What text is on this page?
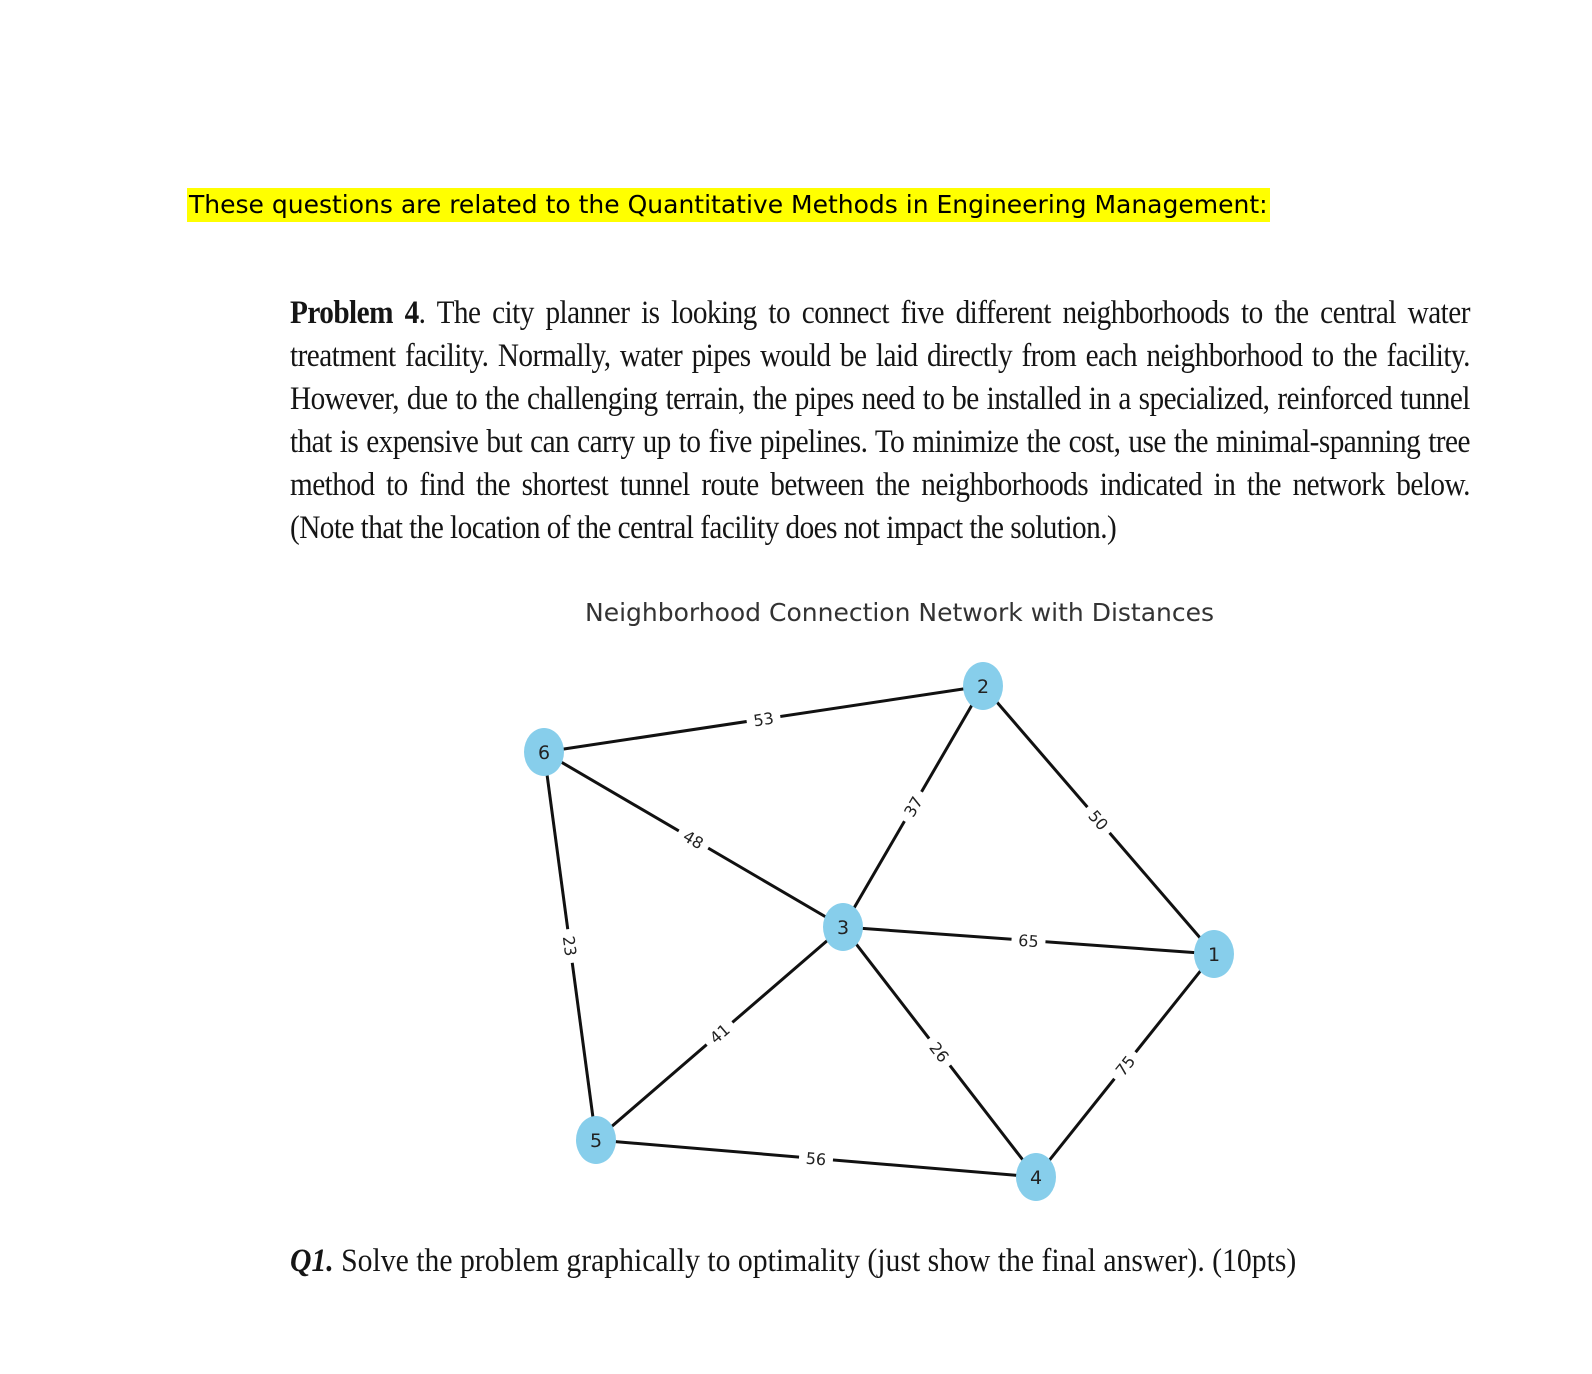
These questions are related to the Quantitative Methods in Engineering Management:
Problem 4. The city planner is looking to connect five different neighborhoods to the central water treatment facility. Normally, water pipes would be laid directly from each neighborhood to the facility. However, due to the challenging terrain, the pipes need to be installed in a specialized, reinforced tunnel that is expensive but can carry up to five pipelines. To minimize the cost, use the minimal-spanning tree method to find the shortest tunnel route between the neighborhoods indicated in the network below. (Note that the location of the central facility does not impact the solution.)
Neighborhood Connection Network with Distances
53
48
23
37	50
65
41
26	75
56
1
2
3
4
5
6
Q1. Solve the problem graphically to optimality (just show the final answer). (10pts)
